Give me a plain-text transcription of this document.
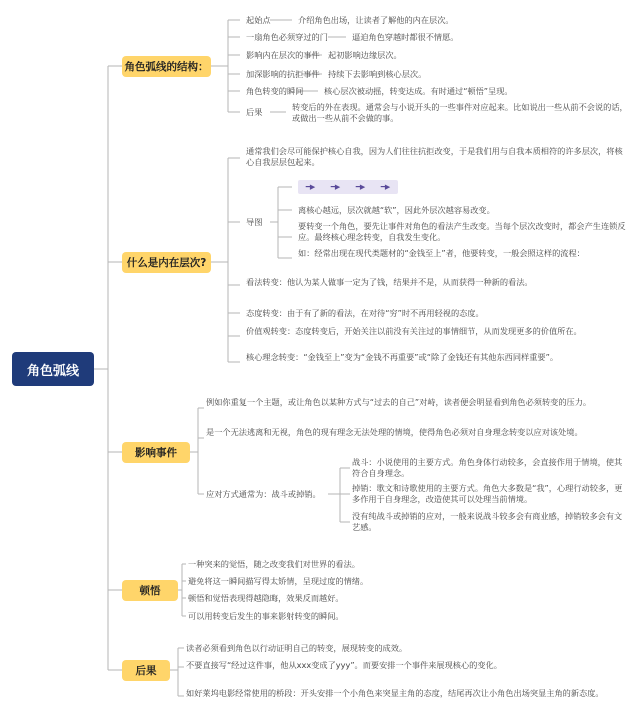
角色弧线
角色弧线的结构：
起始点	介绍角色出场，让读者了解他的内在层次。
一扇角色必须穿过的门	逼迫角色穿越时都很不情愿。
影响内在层次的事件 起初影响边缘层次。
加深影响的抗拒事件 持续下去影响到核心层次。
角色转变的瞬间	核心层次被动摇，转变达成。有时通过“顿悟”呈现。
后果	转变后的外在表现。通常会与小说开头的一些事件对应起来。比如说出一些从前不会说的话，或做出一些从前不会做的事。
什么是内在层次?
通常我们会尽可能保护核心自我，因为人们往往抗拒改变，于是我们用与自我本质相符的许多层次，将核心自我层层包起来。
导图
━▶ ━▶ ━▶ ━▶
离核心越远，层次就越“软”，因此外层次越容易改变。
要转变一个角色，要先让事件对角色的看法产生改变。当每个层次改变时，都会产生连锁反应。最终核心理念转变，自我发生变化。
如：经常出现在现代类题材的“金钱至上”者，他要转变，一般会照这样的流程：
看法转变：他认为某人做事一定为了钱，结果并不是，从而获得一种新的看法。
态度转变：由于有了新的看法，在对待“穷”时不再用轻视的态度。
价值观转变：态度转变后，开始关注以前没有关注过的事情细节，从而发现更多的价值所在。
核心理念转变：“金钱至上”变为“金钱不再重要”或“除了金钱还有其他东西同样重要”。
影响事件
例如你重复一个主题，或让角色以某种方式与“过去的自己”对峙，读者便会明显看到角色必须转变的压力。
是一个无法逃离和无视，角色的现有理念无法处理的情境，使得角色必须对自身理念转变以应对该处境。
应对方式通常为：战斗或掉销。
战斗：小说使用的主要方式。角色身体行动较多，会直接作用于情境，使其符合自身理念。
掉销：歌文和诗歌使用的主要方式。角色大多数是“我”，心理行动较多，更多作用于自身理念，改造使其可以处理当前情境。
没有纯战斗或掉销的应对，一般来说战斗较多会有商业感，掉销较多会有文艺感。
顿悟
一种突来的觉悟，随之改变我们对世界的看法。
避免将这一瞬间描写得太矫情，呈现过度的情绪。
顿悟和觉悟表现得越隐晦，效果反而越好。
可以用转变后发生的事来影射转变的瞬间。
后果
读者必须看到角色以行动证明自己的转变，展现转变的成效。
不要直接写“经过这件事，他从xxx变成了yyy”。而要安排一个事件来展现核心的变化。
如好莱坞电影经常使用的桥段：开头安排一个小角色来突显主角的态度，结尾再次让小角色出场突显主角的新态度。
